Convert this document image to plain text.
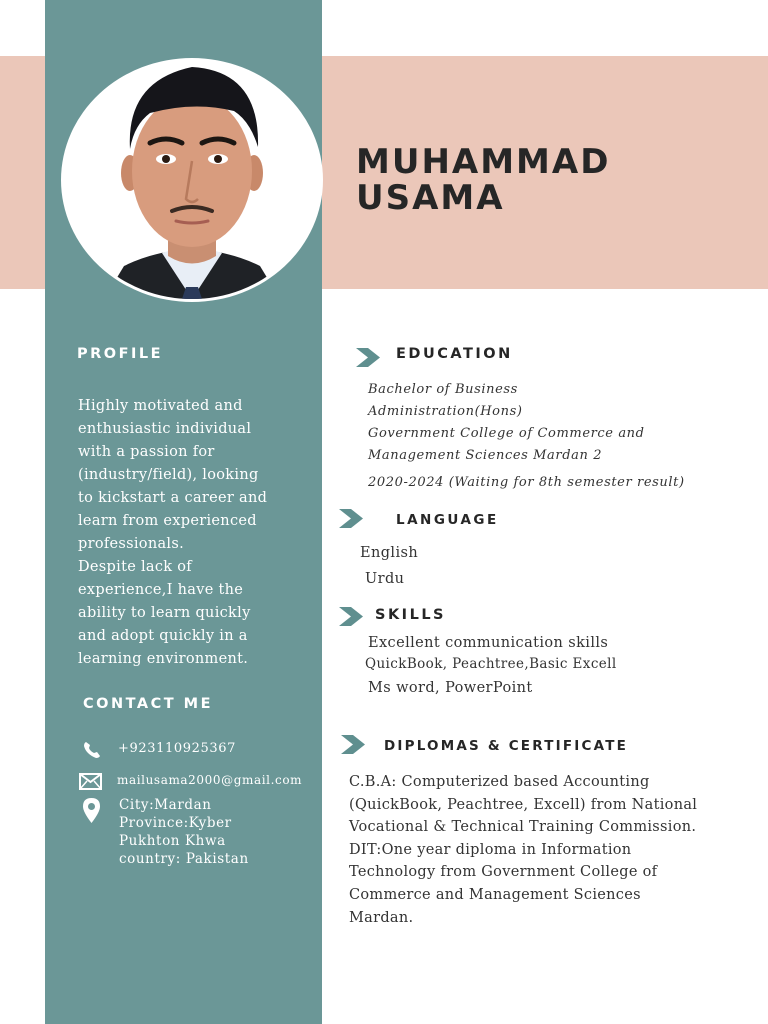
MUHAMMAD
USAMA
PROFILE
Highly motivated and
enthusiastic individual
with a passion for
(industry/field), looking
to kickstart a career and
learn from experienced
professionals.
Despite lack of
experience,I have the
ability to learn quickly
and adopt quickly in a
learning environment.
CONTACT ME
+923110925367
mailusama2000@gmail.com
City:Mardan
Province:Kyber
Pukhton Khwa
country: Pakistan
EDUCATION
Bachelor of Business
Administration(Hons)
Government College of Commerce and
Management Sciences Mardan 2
2020-2024 (Waiting for 8th semester result)
LANGUAGE
English
Urdu
SKILLS
Excellent communication skills
QuickBook, Peachtree,Basic Excell
Ms word, PowerPoint
DIPLOMAS & CERTIFICATE
C.B.A: Computerized based Accounting
(QuickBook, Peachtree, Excell) from National
Vocational & Technical Training Commission.
DIT:One year diploma in Information
Technology from Government College of
Commerce and Management Sciences
Mardan.
